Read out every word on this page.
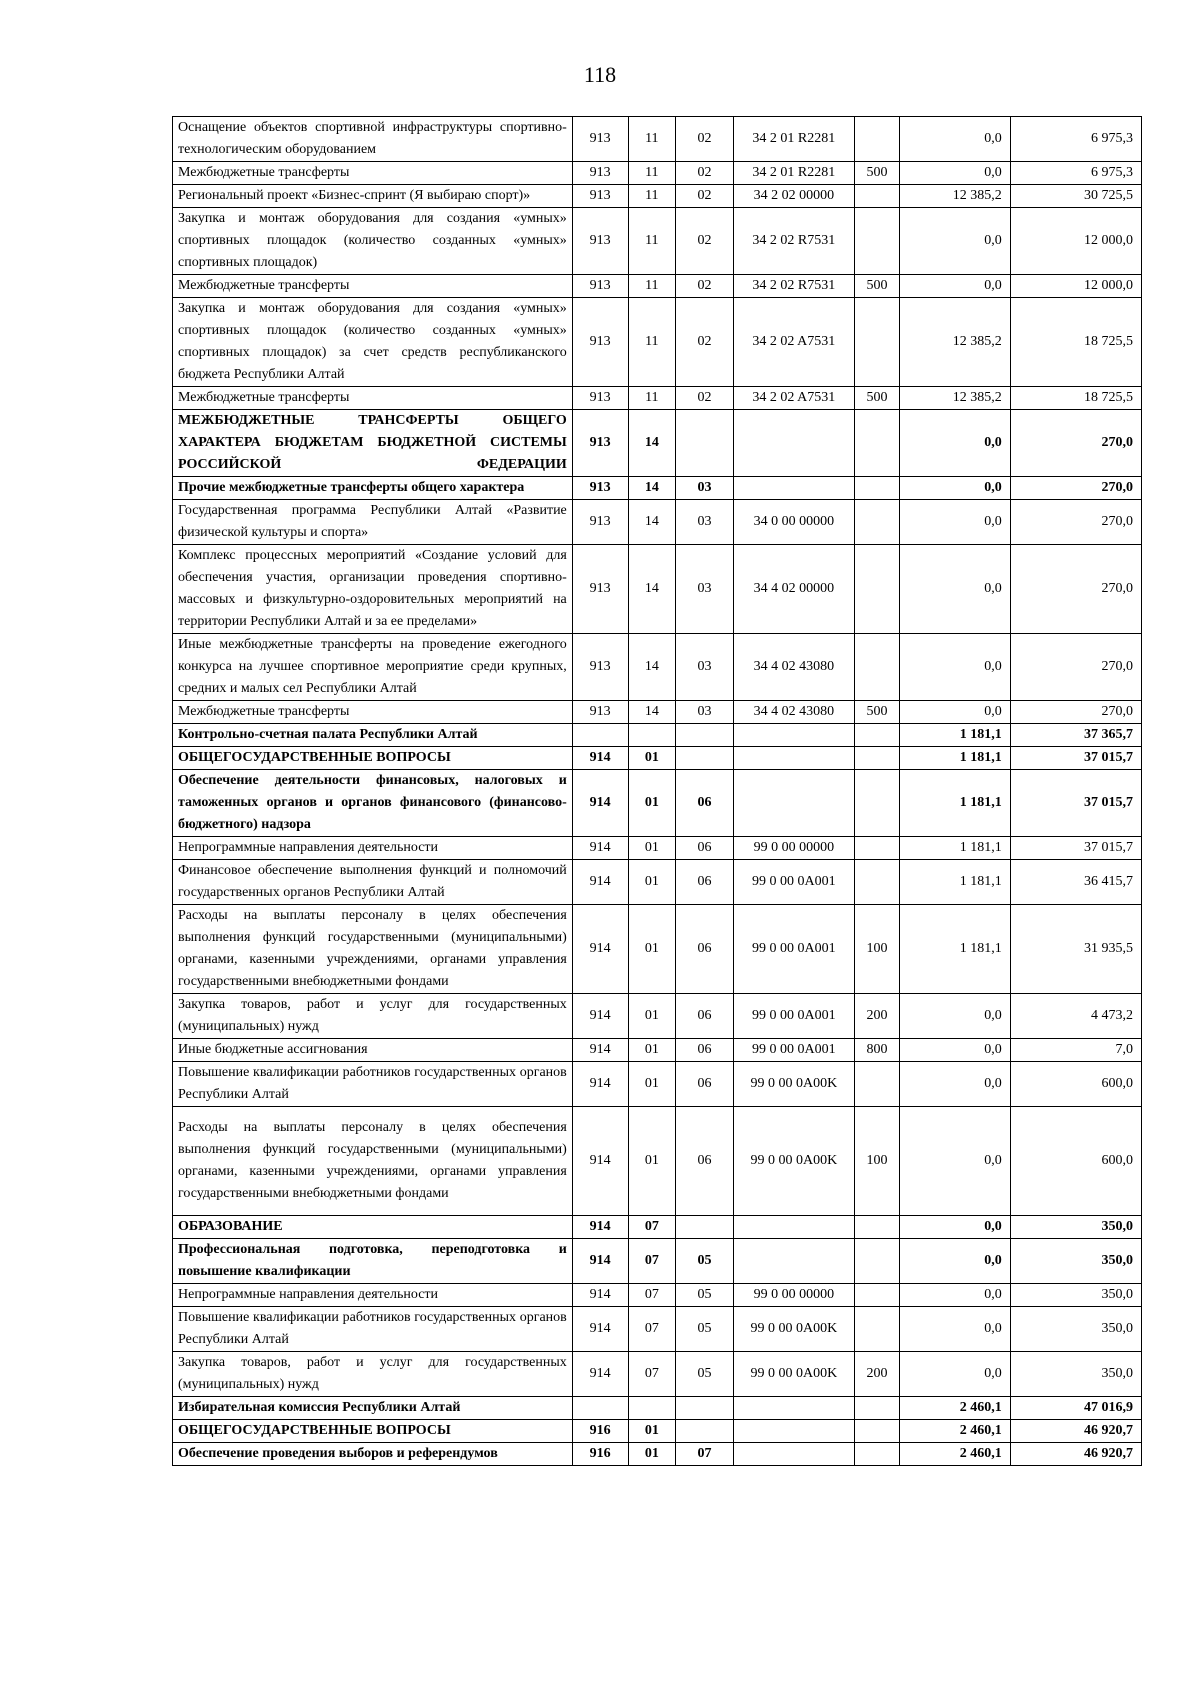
118
Оснащение объектов спортивной инфраструктуры спортивно-технологическим оборудованием	913	11	02	34 2 01 R2281		0,0	6 975,3
Межбюджетные трансферты	913	11	02	34 2 01 R2281	500	0,0	6 975,3
Региональный проект «Бизнес-спринт (Я выбираю спорт)»	913	11	02	34 2 02 00000		12 385,2	30 725,5
Закупка и монтаж оборудования для создания «умных» спортивных площадок (количество созданных «умных» спортивных площадок)	913	11	02	34 2 02 R7531		0,0	12 000,0
Межбюджетные трансферты	913	11	02	34 2 02 R7531	500	0,0	12 000,0
Закупка и монтаж оборудования для создания «умных» спортивных площадок (количество созданных «умных» спортивных площадок) за счет средств республиканского бюджета Республики Алтай	913	11	02	34 2 02 A7531		12 385,2	18 725,5
Межбюджетные трансферты	913	11	02	34 2 02 A7531	500	12 385,2	18 725,5
МЕЖБЮДЖЕТНЫЕ ТРАНСФЕРТЫ ОБЩЕГО ХАРАКТЕРА БЮДЖЕТАМ БЮДЖЕТНОЙ СИСТЕМЫ РОССИЙСКОЙ ФЕДЕРАЦИИ	913	14				0,0	270,0
Прочие межбюджетные трансферты общего характера	913	14	03			0,0	270,0
Государственная программа Республики Алтай «Развитие физической культуры и спорта»	913	14	03	34 0 00 00000		0,0	270,0
Комплекс процессных мероприятий «Создание условий для обеспечения участия, организации проведения спортивно-массовых и физкультурно-оздоровительных мероприятий на территории Республики Алтай и за ее пределами»	913	14	03	34 4 02 00000		0,0	270,0
Иные межбюджетные трансферты на проведение ежегодного конкурса на лучшее спортивное мероприятие среди крупных, средних и малых сел Республики Алтай	913	14	03	34 4 02 43080		0,0	270,0
Межбюджетные трансферты	913	14	03	34 4 02 43080	500	0,0	270,0
Контрольно-счетная палата Республики Алтай						1 181,1	37 365,7
ОБЩЕГОСУДАРСТВЕННЫЕ ВОПРОСЫ	914	01				1 181,1	37 015,7
Обеспечение деятельности финансовых, налоговых и таможенных органов и органов финансового (финансово-бюджетного) надзора	914	01	06			1 181,1	37 015,7
Непрограммные направления деятельности	914	01	06	99 0 00 00000		1 181,1	37 015,7
Финансовое обеспечение выполнения функций и полномочий государственных органов Республики Алтай	914	01	06	99 0 00 0A001		1 181,1	36 415,7
Расходы на выплаты персоналу в целях обеспечения выполнения функций государственными (муниципальными) органами, казенными учреждениями, органами управления государственными внебюджетными фондами	914	01	06	99 0 00 0A001	100	1 181,1	31 935,5
Закупка товаров, работ и услуг для государственных (муниципальных) нужд	914	01	06	99 0 00 0A001	200	0,0	4 473,2
Иные бюджетные ассигнования	914	01	06	99 0 00 0A001	800	0,0	7,0
Повышение квалификации работников государственных органов Республики Алтай	914	01	06	99 0 00 0A00K		0,0	600,0
Расходы на выплаты персоналу в целях обеспечения выполнения функций государственными (муниципальными) органами, казенными учреждениями, органами управления государственными внебюджетными фондами	914	01	06	99 0 00 0A00K	100	0,0	600,0
ОБРАЗОВАНИЕ	914	07				0,0	350,0
Профессиональная подготовка, переподготовка и повышение квалификации	914	07	05			0,0	350,0
Непрограммные направления деятельности	914	07	05	99 0 00 00000		0,0	350,0
Повышение квалификации работников государственных органов Республики Алтай	914	07	05	99 0 00 0A00K		0,0	350,0
Закупка товаров, работ и услуг для государственных (муниципальных) нужд	914	07	05	99 0 00 0A00K	200	0,0	350,0
Избирательная комиссия Республики Алтай						2 460,1	47 016,9
ОБЩЕГОСУДАРСТВЕННЫЕ ВОПРОСЫ	916	01				2 460,1	46 920,7
Обеспечение проведения выборов и референдумов	916	01	07			2 460,1	46 920,7
